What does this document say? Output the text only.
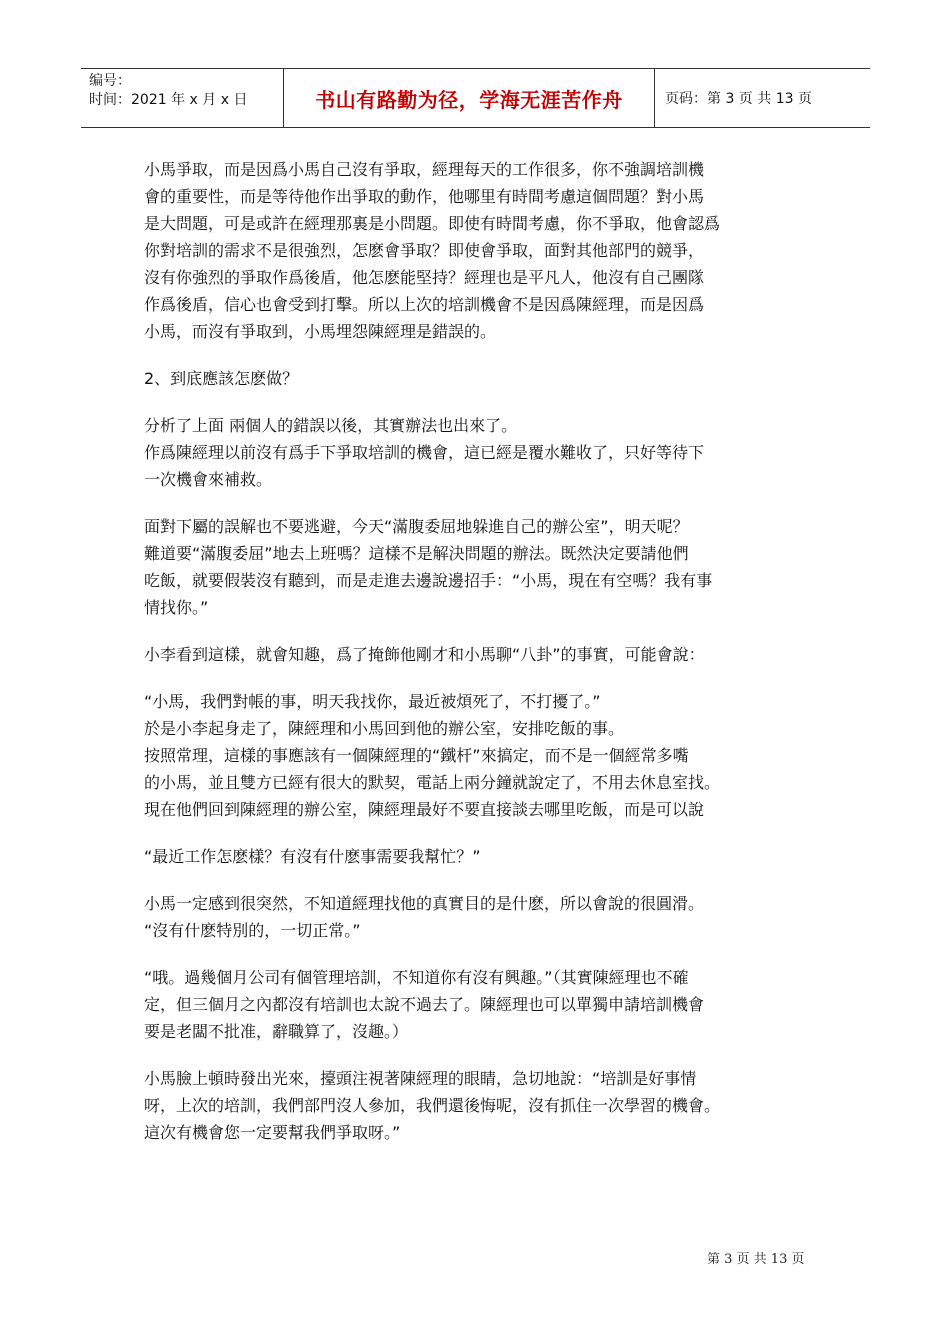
编号：
时间：2021 年 x 月 x 日	书山有路勤为径，学海无涯苦作舟	页码：第 3 页 共 13 页

小馬爭取，而是因爲小馬自己沒有爭取，經理每天的工作很多，你不強調培訓機
會的重要性，而是等待他作出爭取的動作，他哪里有時間考慮這個問題？對小馬
是大問題，可是或許在經理那裏是小問題。即使有時間考慮，你不爭取，他會認爲
你對培訓的需求不是很強烈，怎麽會爭取？即使會爭取，面對其他部門的競爭，
沒有你強烈的爭取作爲後盾，他怎麽能堅持？經理也是平凡人，他沒有自己團隊
作爲後盾，信心也會受到打擊。所以上次的培訓機會不是因爲陳經理，而是因爲
小馬，而沒有爭取到，小馬埋怨陳經理是錯誤的。

2、到底應該怎麽做？

分析了上面 兩個人的錯誤以後，其實辦法也出來了。
作爲陳經理以前沒有爲手下爭取培訓的機會，這已經是覆水難收了，只好等待下
一次機會來補救。

面對下屬的誤解也不要逃避，今天“滿腹委屈地躲進自己的辦公室”，明天呢？
難道要“滿腹委屈”地去上班嗎？這樣不是解決問題的辦法。既然決定要請他們
吃飯，就要假裝沒有聽到，而是走進去邊說邊招手：“小馬，現在有空嗎？我有事
情找你。”

小李看到這樣，就會知趣，爲了掩飾他剛才和小馬聊“八卦”的事實，可能會說：

“小馬，我們對帳的事，明天我找你，最近被煩死了，不打擾了。”
於是小李起身走了，陳經理和小馬回到他的辦公室，安排吃飯的事。
按照常理，這樣的事應該有一個陳經理的“鐵杆”來搞定，而不是一個經常多嘴
的小馬，並且雙方已經有很大的默契，電話上兩分鐘就說定了，不用去休息室找。
現在他們回到陳經理的辦公室，陳經理最好不要直接談去哪里吃飯，而是可以說

“最近工作怎麽樣？有沒有什麽事需要我幫忙？”

小馬一定感到很突然，不知道經理找他的真實目的是什麽，所以會說的很圓滑。
“沒有什麽特別的，一切正常。”

“哦。過幾個月公司有個管理培訓，不知道你有沒有興趣。”（其實陳經理也不確
定，但三個月之內都沒有培訓也太說不過去了。陳經理也可以單獨申請培訓機會
要是老闆不批准，辭職算了，沒趣。）

小馬臉上頓時發出光來，擡頭注視著陳經理的眼睛，急切地說：“培訓是好事情
呀，上次的培訓，我們部門沒人參加，我們還後悔呢，沒有抓住一次學習的機會。
這次有機會您一定要幫我們爭取呀。”

第 3 页 共 13 页
